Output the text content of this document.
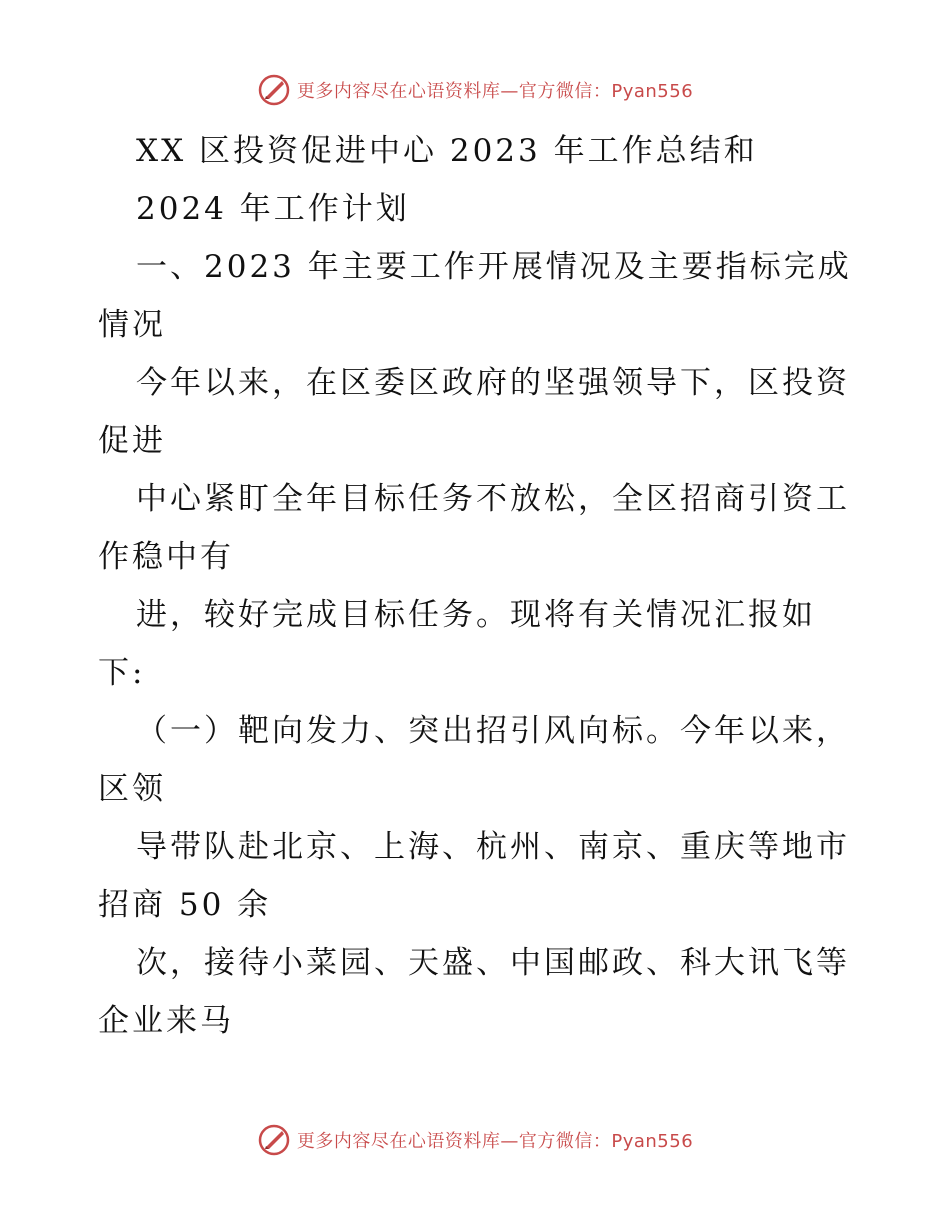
更多内容尽在心语资料库—官方微信：Pyan556

XX 区投资促进中心 2023 年工作总结和

2024 年工作计划

一、2023 年主要工作开展情况及主要指标完成

情况

今年以来，在区委区政府的坚强领导下，区投资

促进

中心紧盯全年目标任务不放松，全区招商引资工

作稳中有

进，较好完成目标任务。现将有关情况汇报如

下:

（一）靶向发力、突出招引风向标。今年以来，

区领

导带队赴北京、上海、杭州、南京、重庆等地市

招商 50 余

次，接待小菜园、天盛、中国邮政、科大讯飞等

企业来马

更多内容尽在心语资料库—官方微信：Pyan556
